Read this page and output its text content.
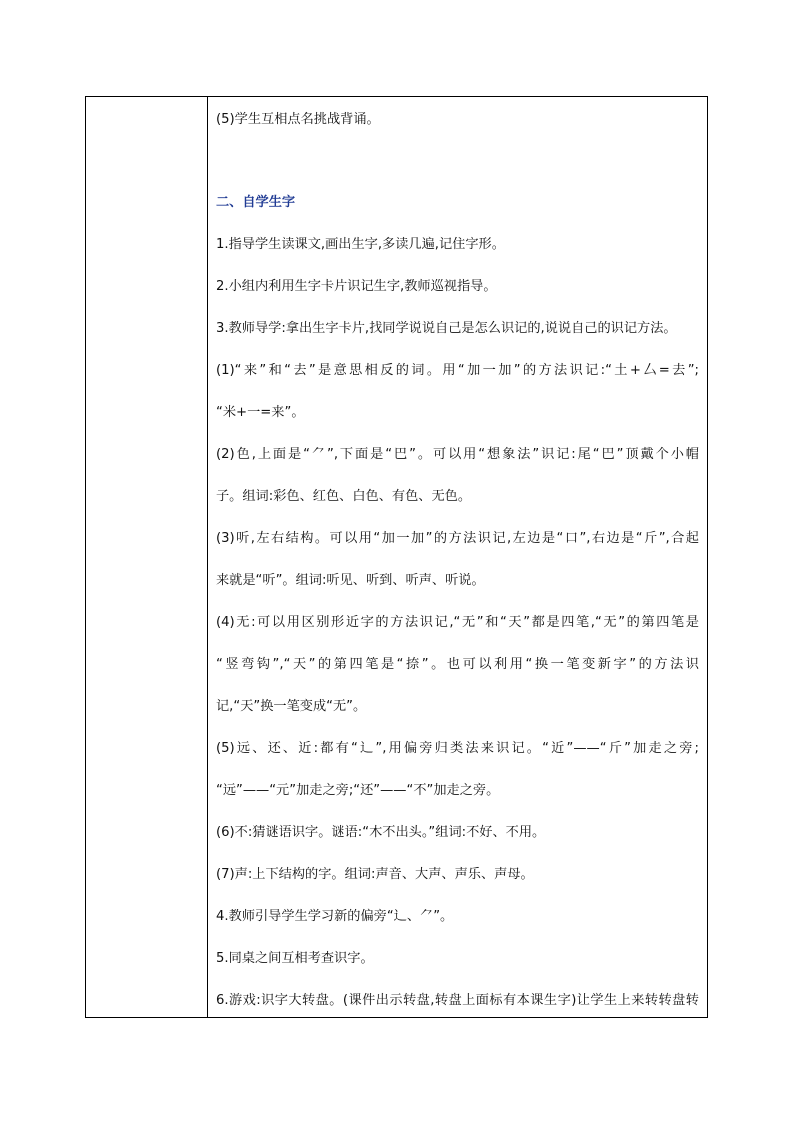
(5)学生互相点名挑战背诵。
二、自学生字
1.指导学生读课文,画出生字,多读几遍,记住字形。
2.小组内利用生字卡片识记生字,教师巡视指导。
3.教师导学:拿出生字卡片,找同学说说自己是怎么识记的,说说自己的识记方法。
(1)“来”和“去”是意思相反的词。用“加一加”的方法识记:“土+厶=去”;
“米+一=来”。
(2)色,上面是“⺈”,下面是“巴”。可以用“想象法”识记:尾“巴”顶戴个小帽
子。组词:彩色、红色、白色、有色、无色。
(3)听,左右结构。可以用“加一加”的方法识记,左边是“口”,右边是“斤”,合起
来就是“听”。组词:听见、听到、听声、听说。
(4)无:可以用区别形近字的方法识记,“无”和“天”都是四笔,“无”的第四笔是
“竖弯钩”,“天”的第四笔是“捺”。也可以利用“换一笔变新字”的方法识
记,“天”换一笔变成“无”。
(5)远、还、近:都有“辶”,用偏旁归类法来识记。“近”——“斤”加走之旁;
“远”——“元”加走之旁;“还”——“不”加走之旁。
(6)不:猜谜语识字。谜语:“木不出头。”组词:不好、不用。
(7)声:上下结构的字。组词:声音、大声、声乐、声母。
4.教师引导学生学习新的偏旁“辶、⺈”。
5.同桌之间互相考查识字。
6.游戏:识字大转盘。(课件出示转盘,转盘上面标有本课生字)让学生上来转转盘转
